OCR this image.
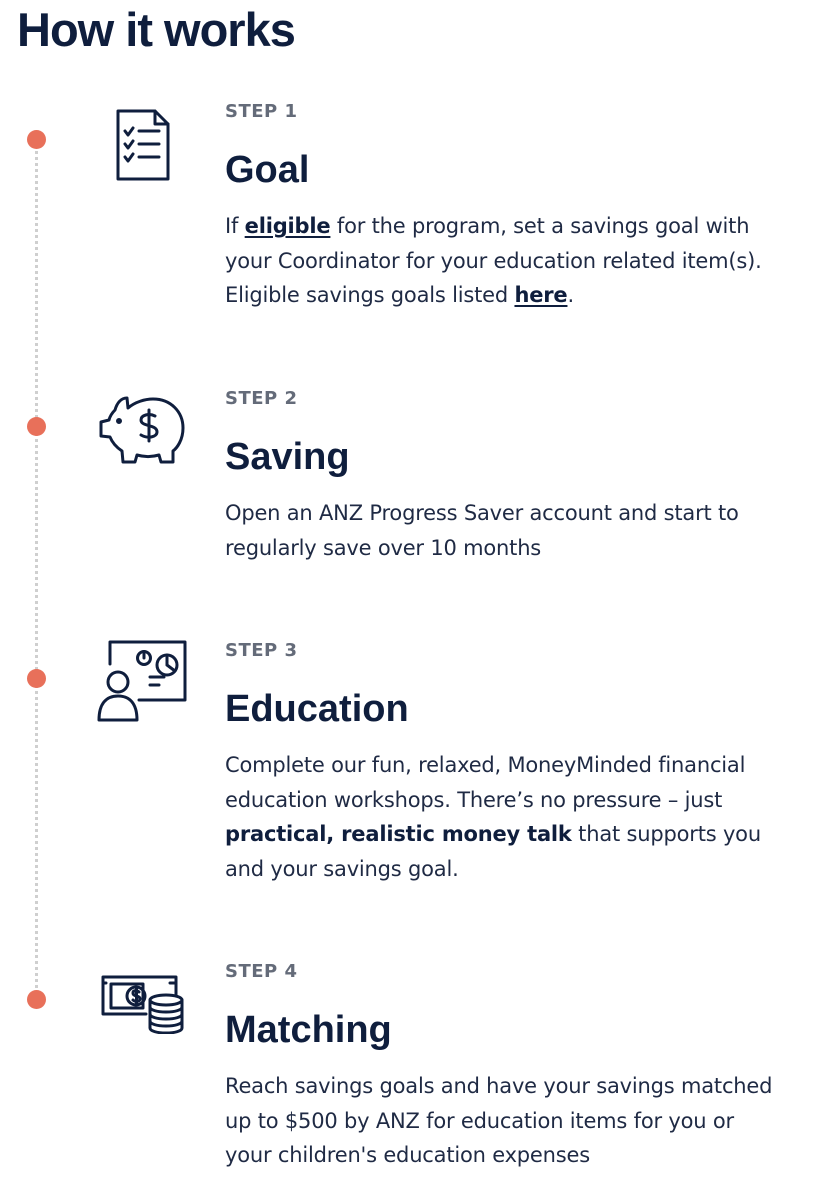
How it works

STEP 1

Goal

If eligible for the program, set a savings goal with your Coordinator for your education related item(s). Eligible savings goals listed here.

STEP 2

Saving

Open an ANZ Progress Saver account and start to regularly save over 10 months

STEP 3

Education

Complete our fun, relaxed, MoneyMinded financial education workshops. There’s no pressure – just practical, realistic money talk that supports you and your savings goal.

STEP 4

Matching

Reach savings goals and have your savings matched up to $500 by ANZ for education items for you or your children's education expenses
